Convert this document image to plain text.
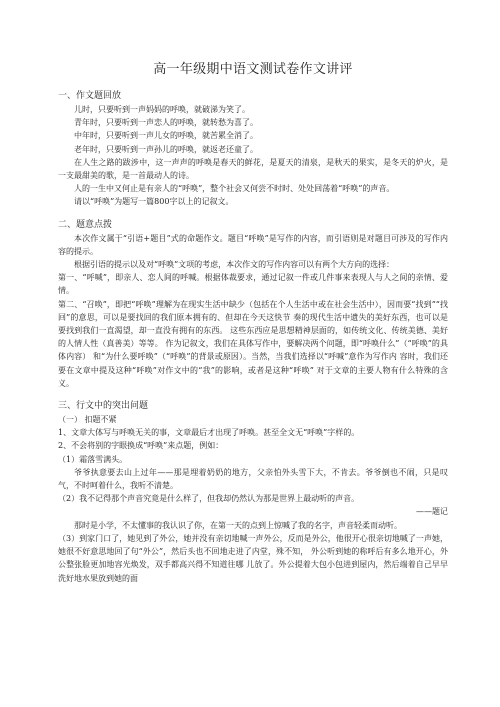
高一年级期中语文测试卷作文讲评
一、作文题回放

儿时，只要听到一声妈妈的呼唤，就破涕为笑了。

青年时，只要听到一声恋人的呼唤，就转愁为喜了。

中年时，只要听到一声儿女的呼唤，就苦累全消了。

老年时，只要听到一声孙儿的呼唤，就返老还童了。

在人生之路的跋涉中，这一声声的呼唤是春天的鲜花，是夏天的清泉，是秋天的果实，是冬天的炉火，是一支最甜美的歌，是一首最动人的诗。

人的一生中又何止是有亲人的“呼唤”，整个社会又何尝不时时、处处回荡着“呼唤”的声音。

请以“呼唤”为题写一篇800字以上的记叙文。

二、题意点拨

本次作文属于“引语+题目”式的命题作文。题目“呼唤”是写作的内容，而引语则是对题目可涉及的写作内容的提示。

根据引语的提示以及对“呼唤”文项的考虑，本次作文的写作内容可以有两个大方向的选择：

第一、“呼喊”，即亲人、恋人间的呼喊。根据体裁要求，通过记叙一件或几件事来表现人与人之间的亲情、爱情。

第二、“召唤”，即把“呼唤”理解为在现实生活中缺少（包括在个人生活中或在社会生活中），因而要“找到”“找回”的意思，可以是要找回的我们原本拥有的、但却在今天这快节 奏的现代生活中遗失的美好东西，也可以是要找到我们一直渴望，却一直没有拥有的东西。 这些东西应是思想精神层面的，如传统文化、传统美德、美好的人情人性（真善美）等等。 作为记叙文，我们在具体写作中，要解决两个问题，即“呼唤什么”（“呼唤”的具体内容） 和“为什么要呼唤”（“呼唤”的背景或原因）。当然，当我们选择以“呼喊”意作为写作内 容时，我们还要在文章中提及这种“呼唤”对作文中的“我”的影响，或者是这种“呼唤” 对于文章的主要人物有什么特殊的含义。

三、行文中的突出问题

（一） 扣题不紧

1、文章大体写与呼唤无关的事，文章最后才出现了呼唤。甚至全文无“呼唤”字样的。

2、不会将别的字眼换成“呼唤”来点题，例如：

（1）霜落雪满头。

爷爷执意要去山上过年——那是埋着奶奶的地方，父亲怕外头雪下大，不肯去。爷爷倒也不闹，只是叹气，不时呵着什么，我听不清楚。

（2）我不记得那个声音究竟是什么样了，但我却仍然认为那是世界上最动听的声音。

——题记

那时是小学，不太懂事的我认识了你，在第一天的点到上惊喊了我的名字，声音轻柔而动听。

（3）到家门口了，她见到了外公，她并没有亲切地喊一声外公，反而是外公，他很开心很亲切地喊了一声她，她很不好意思地回了句“外公”，然后头也不回地走进了内堂，殊不知， 外公听到她的称呼后有多么地开心，外公整张脸更加地容光焕发，双手都高兴得不知道往哪 儿放了。外公提着大包小包进到屋内，然后端着自己早早洗好地水果放到她的面
